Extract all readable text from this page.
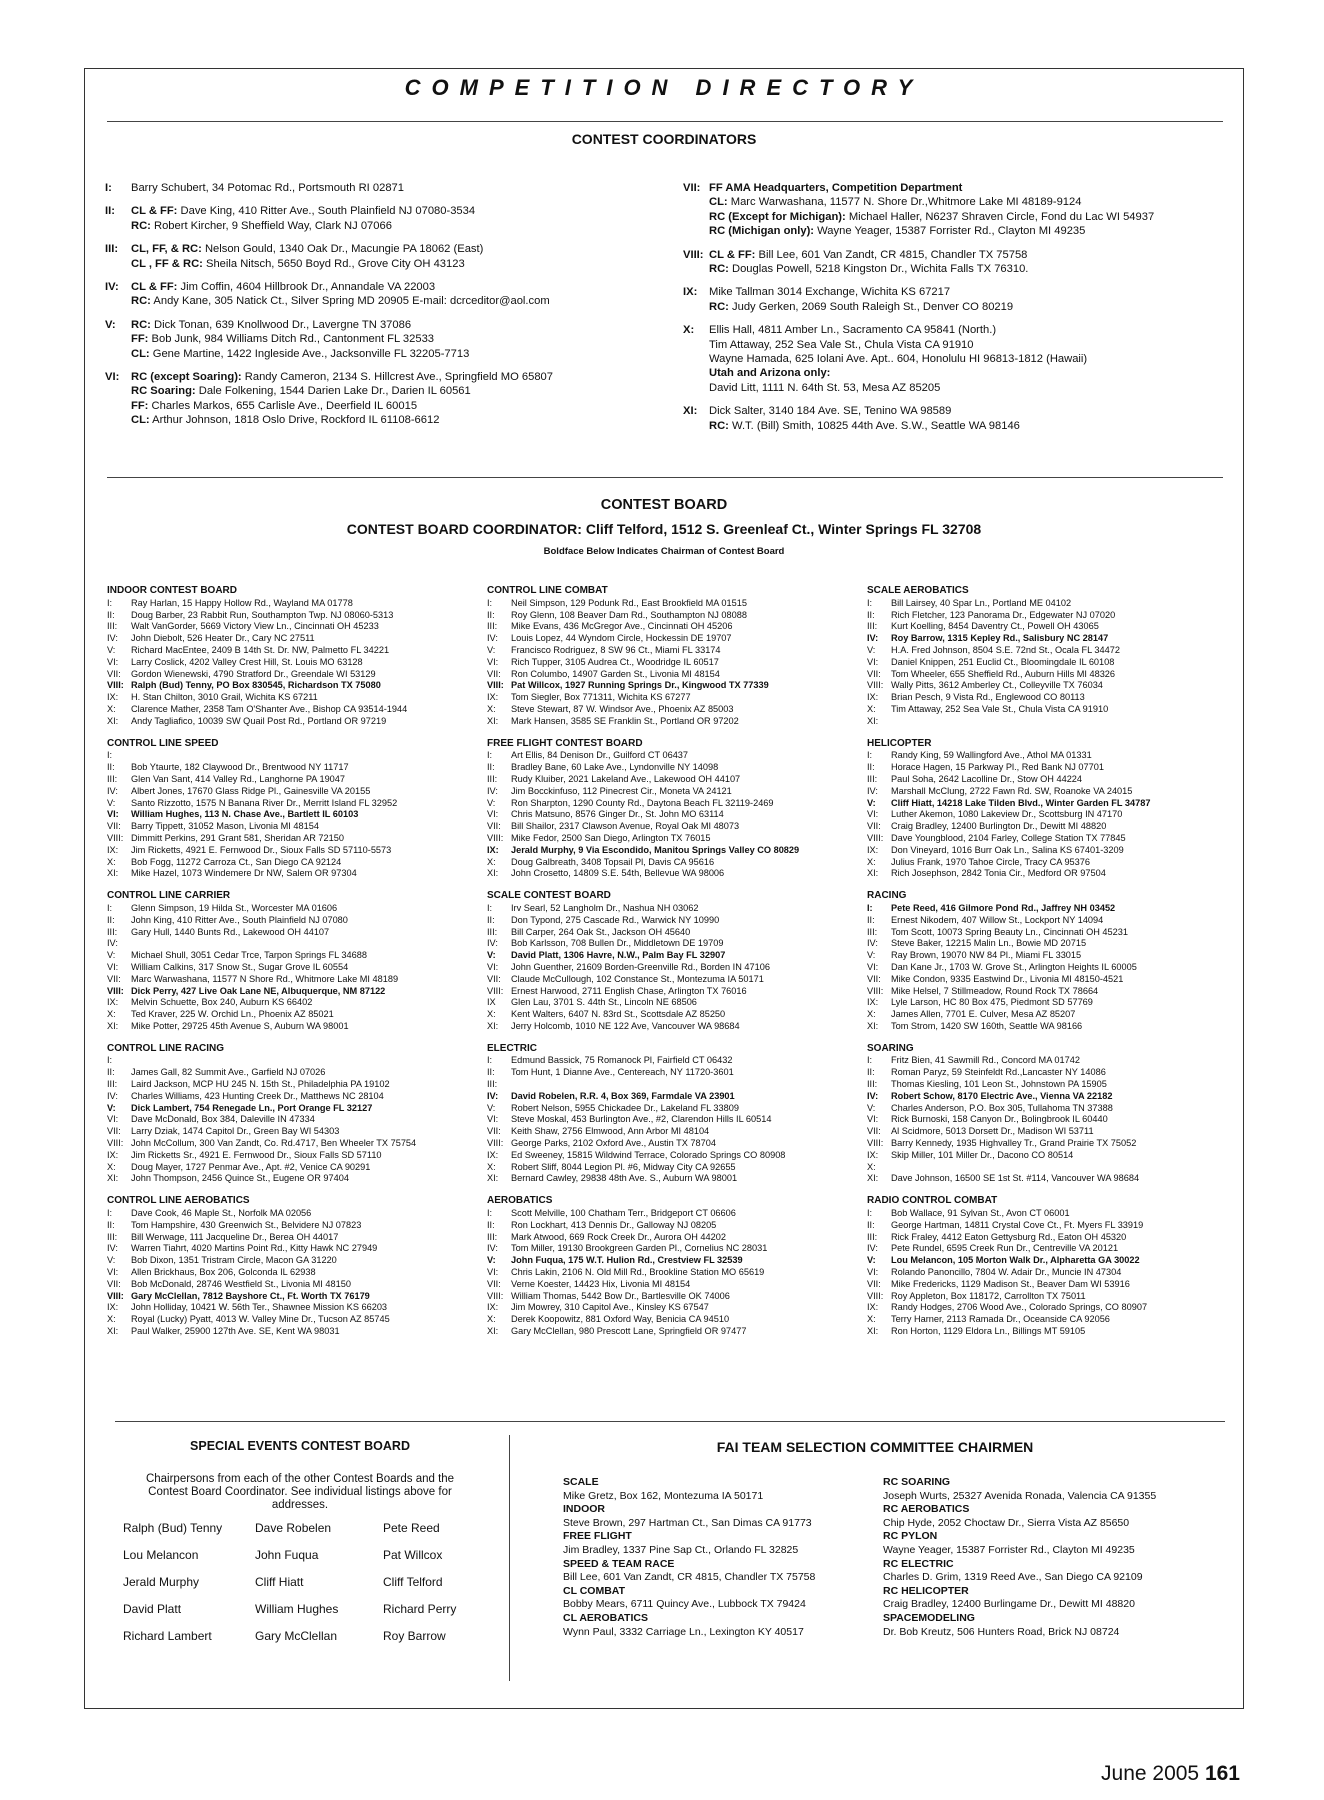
COMPETITION DIRECTORY
CONTEST COORDINATORS
I:	Barry Schubert, 34 Potomac Rd., Portsmouth RI 02871
II:	CL & FF: Dave King, 410 Ritter Ave., South Plainfield NJ 07080-3534
RC: Robert Kircher, 9 Sheffield Way, Clark NJ 07066
III:	CL, FF, & RC: Nelson Gould, 1340 Oak Dr., Macungie PA 18062 (East)
CL , FF & RC: Sheila Nitsch, 5650 Boyd Rd., Grove City OH 43123
IV:	CL & FF: Jim Coffin, 4604 Hillbrook Dr., Annandale VA 22003
RC: Andy Kane, 305 Natick Ct., Silver Spring MD 20905 E-mail: dcrceditor@aol.com
V:	RC: Dick Tonan, 639 Knollwood Dr., Lavergne TN 37086
FF: Bob Junk, 984 Williams Ditch Rd., Cantonment FL 32533
CL: Gene Martine, 1422 Ingleside Ave., Jacksonville FL 32205-7713
VI:	RC (except Soaring): Randy Cameron, 2134 S. Hillcrest Ave., Springfield MO 65807
RC Soaring: Dale Folkening, 1544 Darien Lake Dr., Darien IL 60561
FF: Charles Markos, 655 Carlisle Ave., Deerfield IL 60015
CL: Arthur Johnson, 1818 Oslo Drive, Rockford IL 61108-6612
VII: FF AMA Headquarters, Competition Department
CL: Marc Warwashana, 11577 N. Shore Dr.,Whitmore Lake MI 48189-9124
RC (Except for Michigan): Michael Haller, N6237 Shraven Circle, Fond du Lac WI 54937
RC (Michigan only): Wayne Yeager, 15387 Forrister Rd., Clayton MI 49235
VIII: CL & FF: Bill Lee, 601 Van Zandt, CR 4815, Chandler TX 75758
RC: Douglas Powell, 5218 Kingston Dr., Wichita Falls TX 76310.
IX:	Mike Tallman 3014 Exchange, Wichita KS 67217
RC: Judy Gerken, 2069 South Raleigh St., Denver CO 80219
X:	Ellis Hall, 4811 Amber Ln., Sacramento CA 95841 (North.)
Tim Attaway, 252 Sea Vale St., Chula Vista CA 91910
Wayne Hamada, 625 Iolani Ave. Apt.. 604, Honolulu HI 96813-1812 (Hawaii)
Utah and Arizona only:
David Litt, 1111 N. 64th St. 53, Mesa AZ 85205
XI:	Dick Salter, 3140 184 Ave. SE, Tenino WA 98589
RC: W.T. (Bill) Smith, 10825 44th Ave. S.W., Seattle WA 98146
CONTEST BOARD
CONTEST BOARD COORDINATOR: Cliff Telford, 1512 S. Greenleaf Ct., Winter Springs FL 32708
Boldface Below Indicates Chairman of Contest Board
INDOOR CONTEST BOARD
I:	Ray Harlan, 15 Happy Hollow Rd., Wayland MA 01778
II:	Doug Barber, 23 Rabbit Run, Southampton Twp. NJ 08060-5313
III:	Walt VanGorder, 5669 Victory View Ln., Cincinnati OH 45233
IV:	John Diebolt, 526 Heater Dr., Cary NC 27511
V:	Richard MacEntee, 2409 B 14th St. Dr. NW, Palmetto FL 34221
VI:	Larry Coslick, 4202 Valley Crest Hill, St. Louis MO 63128
VII:	Gordon Wienewski, 4790 Stratford Dr., Greendale WI 53129
VIII: Ralph (Bud) Tenny, PO Box 830545, Richardson TX 75080
IX:	H. Stan Chilton, 3010 Grail, Wichita KS 67211
X:	Clarence Mather, 2358 Tam O'Shanter Ave., Bishop CA 93514-1944
XI:	Andy Tagliafico, 10039 SW Quail Post Rd., Portland OR 97219
CONTROL LINE SPEED
I:
II:	Bob Ytaurte, 182 Claywood Dr., Brentwood NY 11717
III:	Glen Van Sant, 414 Valley Rd., Langhorne PA 19047
IV:	Albert Jones, 17670 Glass Ridge Pl., Gainesville VA 20155
V:	Santo Rizzotto, 1575 N Banana River Dr., Merritt Island FL 32952
VI:	William Hughes, 113 N. Chase Ave., Bartlett IL 60103
VII:	Barry Tippett, 31052 Mason, Livonia MI 48154
VIII: Dimmitt Perkins, 291 Grant 581, Sheridan AR 72150
IX:	Jim Ricketts, 4921 E. Fernwood Dr., Sioux Falls SD 57110-5573
X:	Bob Fogg, 11272 Carroza Ct., San Diego CA 92124
XI:	Mike Hazel, 1073 Windemere Dr NW, Salem OR 97304
CONTROL LINE CARRIER
I:	Glenn Simpson, 19 Hilda St., Worcester MA 01606
II:	John King, 410 Ritter Ave., South Plainfield NJ 07080
III:	Gary Hull, 1440 Bunts Rd., Lakewood OH 44107
IV:
V:	Michael Shull, 3051 Cedar Trce, Tarpon Springs FL 34688
VI:	William Calkins, 317 Snow St., Sugar Grove IL 60554
VII:	Marc Warwashana, 11577 N Shore Rd., Whitmore Lake MI 48189
VIII: Dick Perry, 427 Live Oak Lane NE, Albuquerque, NM 87122
IX:	Melvin Schuette, Box 240, Auburn KS 66402
X:	Ted Kraver, 225 W. Orchid Ln., Phoenix AZ 85021
XI:	Mike Potter, 29725 45th Avenue S, Auburn WA 98001
CONTROL LINE RACING
I:
II:	James Gall, 82 Summit Ave., Garfield NJ 07026
III:	Laird Jackson, MCP HU 245 N. 15th St., Philadelphia PA 19102
IV:	Charles Williams, 423 Hunting Creek Dr., Matthews NC 28104
V:	Dick Lambert, 754 Renegade Ln., Port Orange FL 32127
VI:	Dave McDonald, Box 384, Daleville IN 47334
VII:	Larry Dziak, 1474 Capitol Dr., Green Bay WI 54303
VIII: John McCollum, 300 Van Zandt, Co. Rd.4717, Ben Wheeler TX 75754
IX:	Jim Ricketts Sr., 4921 E. Fernwood Dr., Sioux Falls SD 57110
X:	Doug Mayer, 1727 Penmar Ave., Apt. #2, Venice CA 90291
XI:	John Thompson, 2456 Quince St., Eugene OR 97404
CONTROL LINE AEROBATICS
I:	Dave Cook, 46 Maple St., Norfolk MA 02056
II:	Tom Hampshire, 430 Greenwich St., Belvidere NJ 07823
III:	Bill Werwage, 111 Jacqueline Dr., Berea OH 44017
IV:	Warren Tiahrt, 4020 Martins Point Rd., Kitty Hawk NC 27949
V:	Bob Dixon, 1351 Tristram Circle, Macon GA 31220
VI:	Allen Brickhaus, Box 206, Golconda IL 62938
VII:	Bob McDonald, 28746 Westfield St., Livonia MI 48150
VIII: Gary McClellan, 7812 Bayshore Ct., Ft. Worth TX 76179
IX:	John Holliday, 10421 W. 56th Ter., Shawnee Mission KS 66203
X:	Royal (Lucky) Pyatt, 4013 W. Valley Mine Dr., Tucson AZ 85745
XI:	Paul Walker, 25900 127th Ave. SE, Kent WA 98031
CONTROL LINE COMBAT
I:	Neil Simpson, 129 Podunk Rd., East Brookfield MA 01515
II:	Roy Glenn, 108 Beaver Dam Rd., Southampton NJ 08088
III:	Mike Evans, 436 McGregor Ave., Cincinnati OH 45206
IV:	Louis Lopez, 44 Wyndom Circle, Hockessin DE 19707
V:	Francisco Rodriguez, 8 SW 96 Ct., Miami FL 33174
VI:	Rich Tupper, 3105 Audrea Ct., Woodridge IL 60517
VII:	Ron Columbo, 14907 Garden St., Livonia MI 48154
VIII: Pat Willcox, 1927 Running Springs Dr., Kingwood TX 77339
IX:	Tom Siegler, Box 771311, Wichita KS 67277
X:	Steve Stewart, 87 W. Windsor Ave., Phoenix AZ 85003
XI:	Mark Hansen, 3585 SE Franklin St., Portland OR 97202
FREE FLIGHT CONTEST BOARD
I:	Art Ellis, 84 Denison Dr., Guilford CT 06437
II:	Bradley Bane, 60 Lake Ave., Lyndonville NY 14098
III:	Rudy Kluiber, 2021 Lakeland Ave., Lakewood OH 44107
IV:	Jim Bocckinfuso, 112 Pinecrest Cir., Moneta VA 24121
V:	Ron Sharpton, 1290 County Rd., Daytona Beach FL 32119-2469
VI:	Chris Matsuno, 8576 Ginger Dr., St. John MO 63114
VII:	Bill Shailor, 2317 Clawson Avenue, Royal Oak MI 48073
VIII: Mike Fedor, 2500 San Diego, Arlington TX 76015
IX:	Jerald Murphy, 9 Via Escondido, Manitou Springs Valley CO 80829
X:	Doug Galbreath, 3408 Topsail Pl, Davis CA 95616
XI:	John Crosetto, 14809 S.E. 54th, Bellevue WA 98006
SCALE CONTEST BOARD
I:	Irv Searl, 52 Langholm Dr., Nashua NH 03062
II:	Don Typond, 275 Cascade Rd., Warwick NY 10990
III:	Bill Carper, 264 Oak St., Jackson OH 45640
IV:	Bob Karlsson, 708 Bullen Dr., Middletown DE 19709
V:	David Platt, 1306 Havre, N.W., Palm Bay FL 32907
VI:	John Guenther, 21609 Borden-Greenville Rd., Borden IN 47106
VII:	Claude McCullough, 102 Constance St., Montezuma IA 50171
VIII: Ernest Harwood, 2711 English Chase, Arlington TX 76016
IX	Glen Lau, 3701 S. 44th St., Lincoln NE 68506
X:	Kent Walters, 6407 N. 83rd St., Scottsdale AZ 85250
XI:	Jerry Holcomb, 1010 NE 122 Ave, Vancouver WA 98684
ELECTRIC
I:	Edmund Bassick, 75 Romanock Pl, Fairfield CT 06432
II:	Tom Hunt, 1 Dianne Ave., Centereach, NY 11720-3601
III:
IV:	David Robelen, R.R. 4, Box 369, Farmdale VA 23901
V:	Robert Nelson, 5955 Chickadee Dr., Lakeland FL 33809
VI:	Steve Moskal, 453 Burlington Ave., #2, Clarendon Hills IL 60514
VII:	Keith Shaw, 2756 Elmwood, Ann Arbor MI 48104
VIII: George Parks, 2102 Oxford Ave., Austin TX 78704
IX:	Ed Sweeney, 15815 Wildwind Terrace, Colorado Springs CO 80908
X:	Robert Sliff, 8044 Legion Pl. #6, Midway City CA 92655
XI:	Bernard Cawley, 29838 48th Ave. S., Auburn WA 98001
AEROBATICS
I:	Scott Melville, 100 Chatham Terr., Bridgeport CT 06606
II:	Ron Lockhart, 413 Dennis Dr., Galloway NJ 08205
III:	Mark Atwood, 669 Rock Creek Dr., Aurora OH 44202
IV:	Tom Miller, 19130 Brookgreen Garden Pl., Cornelius NC 28031
V:	John Fuqua, 175 W.T. Hulion Rd., Crestview FL 32539
VI:	Chris Lakin, 2106 N. Old Mill Rd., Brookline Station MO 65619
VII:	Verne Koester, 14423 Hix, Livonia MI 48154
VIII: William Thomas, 5442 Bow Dr., Bartlesville OK 74006
IX:	Jim Mowrey, 310 Capitol Ave., Kinsley KS 67547
X:	Derek Koopowitz, 881 Oxford Way, Benicia CA 94510
XI:	Gary McClellan, 980 Prescott Lane, Springfield OR 97477
SCALE AEROBATICS
I:	Bill Lairsey, 40 Spar Ln., Portland ME 04102
II:	Rich Fletcher, 123 Panorama Dr., Edgewater NJ 07020
III:	Kurt Koelling, 8454 Daventry Ct., Powell OH 43065
IV:	Roy Barrow, 1315 Kepley Rd., Salisbury NC 28147
V:	H.A. Fred Johnson, 8504 S.E. 72nd St., Ocala FL 34472
VI:	Daniel Knippen, 251 Euclid Ct., Bloomingdale IL 60108
VII:	Tom Wheeler, 655 Sheffield Rd., Auburn Hills MI 48326
VIII: Wally Pitts, 3612 Amberley Ct., Colleyville TX 76034
IX:	Brian Pesch, 9 Vista Rd., Englewood CO 80113
X:	Tim Attaway, 252 Sea Vale St., Chula Vista CA 91910
XI:
HELICOPTER
I:	Randy King, 59 Wallingford Ave., Athol MA 01331
II:	Horace Hagen, 15 Parkway Pl., Red Bank NJ 07701
III:	Paul Soha, 2642 Lacolline Dr., Stow OH 44224
IV:	Marshall McClung, 2722 Fawn Rd. SW, Roanoke VA 24015
V:	Cliff Hiatt, 14218 Lake Tilden Blvd., Winter Garden FL 34787
VI:	Luther Akemon, 1080 Lakeview Dr., Scottsburg IN 47170
VII:	Craig Bradley, 12400 Burlington Dr., Dewitt MI 48820
VIII: Dave Youngblood, 2104 Farley, College Station TX 77845
IX:	Don Vineyard, 1016 Burr Oak Ln., Salina KS 67401-3209
X:	Julius Frank, 1970 Tahoe Circle, Tracy CA 95376
XI:	Rich Josephson, 2842 Tonia Cir., Medford OR 97504
RACING
I:	Pete Reed, 416 Gilmore Pond Rd., Jaffrey NH 03452
II:	Ernest Nikodem, 407 Willow St., Lockport NY 14094
III:	Tom Scott, 10073 Spring Beauty Ln., Cincinnati OH 45231
IV:	Steve Baker, 12215 Malin Ln., Bowie MD 20715
V:	Ray Brown, 19070 NW 84 Pl., Miami FL 33015
VI:	Dan Kane Jr., 1703 W. Grove St., Arlington Heights IL 60005
VII:	Mike Condon, 9335 Eastwind Dr., Livonia MI 48150-4521
VIII: Mike Helsel, 7 Stillmeadow, Round Rock TX 78664
IX:	Lyle Larson, HC 80 Box 475, Piedmont SD 57769
X:	James Allen, 7701 E. Culver, Mesa AZ 85207
XI:	Tom Strom, 1420 SW 160th, Seattle WA 98166
SOARING
I:	Fritz Bien, 41 Sawmill Rd., Concord MA 01742
II:	Roman Paryz, 59 Steinfeldt Rd.,Lancaster NY 14086
III:	Thomas Kiesling, 101 Leon St., Johnstown PA 15905
IV:	Robert Schow, 8170 Electric Ave., Vienna VA 22182
V:	Charles Anderson, P.O. Box 305, Tullahoma TN 37388
VI:	Rick Burnoski, 158 Canyon Dr., Bolingbrook IL 60440
VII:	Al Scidmore, 5013 Dorsett Dr., Madison WI 53711
VIII: Barry Kennedy, 1935 Highvalley Tr., Grand Prairie TX 75052
IX:	Skip Miller, 101 Miller Dr., Dacono CO 80514
X:
XI:	Dave Johnson, 16500 SE 1st St. #114, Vancouver WA 98684
RADIO CONTROL COMBAT
I:	Bob Wallace, 91 Sylvan St., Avon CT 06001
II:	George Hartman, 14811 Crystal Cove Ct., Ft. Myers FL 33919
III:	Rick Fraley, 4412 Eaton Gettysburg Rd., Eaton OH 45320
IV:	Pete Rundel, 6595 Creek Run Dr., Centreville VA 20121
V:	Lou Melancon, 105 Morton Walk Dr., Alpharetta GA 30022
VI:	Rolando Panoncillo, 7804 W. Adair Dr., Muncie IN 47304
VII:	Mike Fredericks, 1129 Madison St., Beaver Dam WI 53916
VIII: Roy Appleton, Box 118172, Carrollton TX 75011
IX:	Randy Hodges, 2706 Wood Ave., Colorado Springs, CO 80907
X:	Terry Harner, 2113 Ramada Dr., Oceanside CA 92056
XI:	Ron Horton, 1129 Eldora Ln., Billings MT 59105
SPECIAL EVENTS CONTEST BOARD
Chairpersons from each of the other Contest Boards and the Contest Board Coordinator. See individual listings above for addresses.
Ralph (Bud) Tenny	Dave Robelen	Pete Reed
Lou Melancon	John Fuqua	Pat Willcox
Jerald Murphy	Cliff Hiatt	Cliff Telford
David Platt	William Hughes	Richard Perry
Richard Lambert	Gary McClellan	Roy Barrow
FAI TEAM SELECTION COMMITTEE CHAIRMEN
SCALE
Mike Gretz, Box 162, Montezuma IA 50171
INDOOR
Steve Brown, 297 Hartman Ct., San Dimas CA 91773
FREE FLIGHT
Jim Bradley, 1337 Pine Sap Ct., Orlando FL 32825
SPEED & TEAM RACE
Bill Lee, 601 Van Zandt, CR 4815, Chandler TX 75758
CL COMBAT
Bobby Mears, 6711 Quincy Ave., Lubbock TX 79424
CL AEROBATICS
Wynn Paul, 3332 Carriage Ln., Lexington KY 40517
RC SOARING
Joseph Wurts, 25327 Avenida Ronada, Valencia CA 91355
RC AEROBATICS
Chip Hyde, 2052 Choctaw Dr., Sierra Vista AZ 85650
RC PYLON
Wayne Yeager, 15387 Forrister Rd., Clayton MI 49235
RC ELECTRIC
Charles D. Grim, 1319 Reed Ave., San Diego CA 92109
RC HELICOPTER
Craig Bradley, 12400 Burlingame Dr., Dewitt MI 48820
SPACEMODELING
Dr. Bob Kreutz, 506 Hunters Road, Brick NJ 08724
June 2005 161
